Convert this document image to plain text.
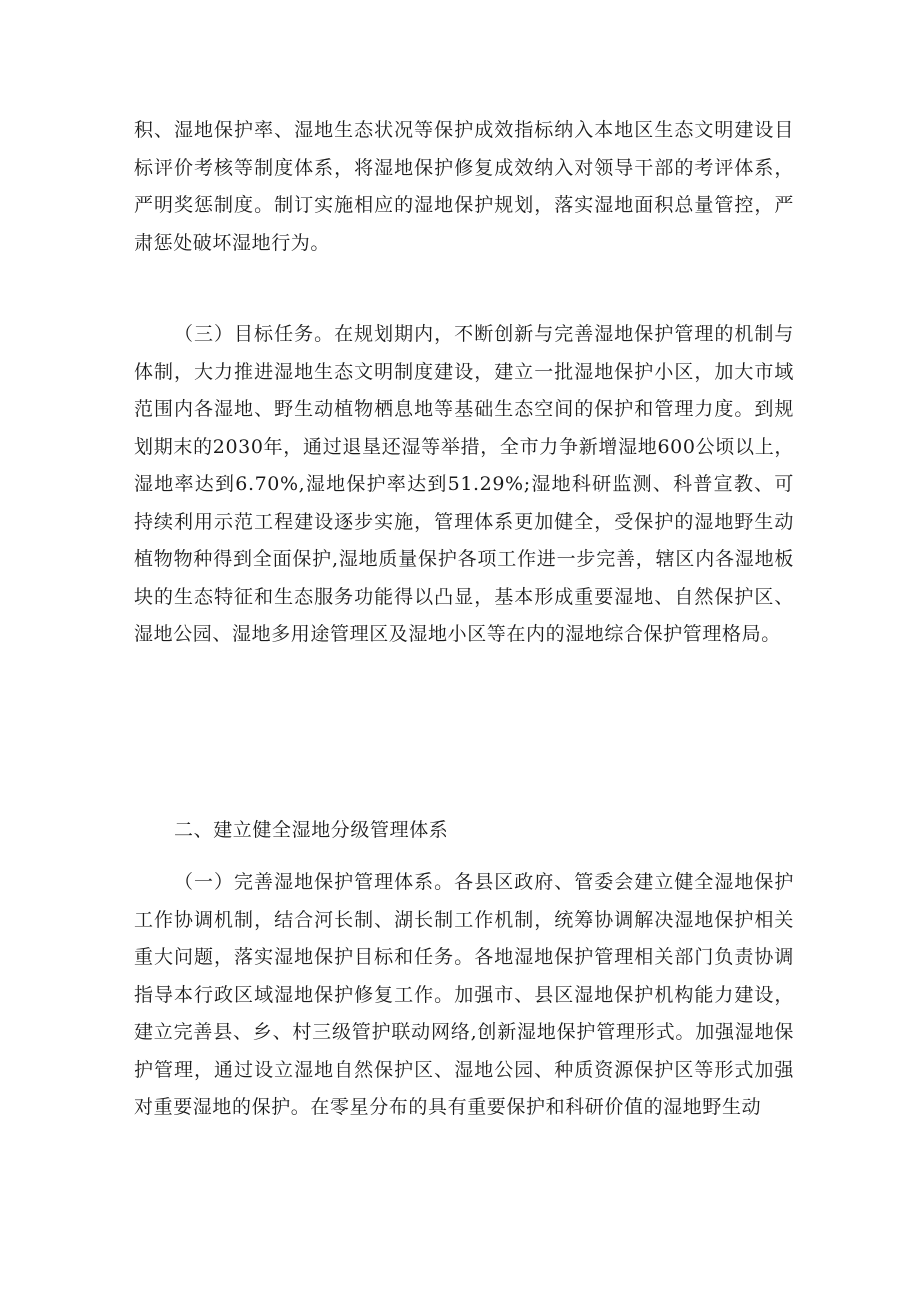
积、湿地保护率、湿地生态状况等保护成效指标纳入本地区生态文明建设目标评价考核等制度体系，将湿地保护修复成效纳入对领导干部的考评体系，严明奖惩制度。制订实施相应的湿地保护规划，落实湿地面积总量管控，严肃惩处破坏湿地行为。

（三）目标任务。在规划期内，不断创新与完善湿地保护管理的机制与体制，大力推进湿地生态文明制度建设，建立一批湿地保护小区，加大市域范围内各湿地、野生动植物栖息地等基础生态空间的保护和管理力度。到规划期末的2030年，通过退垦还湿等举措，全市力争新增湿地600公顷以上，湿地率达到6.70%,湿地保护率达到51.29%;湿地科研监测、科普宣教、可持续利用示范工程建设逐步实施，管理体系更加健全，受保护的湿地野生动植物物种得到全面保护,湿地质量保护各项工作进一步完善，辖区内各湿地板块的生态特征和生态服务功能得以凸显，基本形成重要湿地、自然保护区、湿地公园、湿地多用途管理区及湿地小区等在内的湿地综合保护管理格局。

二、建立健全湿地分级管理体系

（一）完善湿地保护管理体系。各县区政府、管委会建立健全湿地保护工作协调机制，结合河长制、湖长制工作机制，统筹协调解决湿地保护相关重大问题，落实湿地保护目标和任务。各地湿地保护管理相关部门负责协调指导本行政区域湿地保护修复工作。加强市、县区湿地保护机构能力建设，建立完善县、乡、村三级管护联动网络,创新湿地保护管理形式。加强湿地保护管理，通过设立湿地自然保护区、湿地公园、种质资源保护区等形式加强对重要湿地的保护。在零星分布的具有重要保护和科研价值的湿地野生动
